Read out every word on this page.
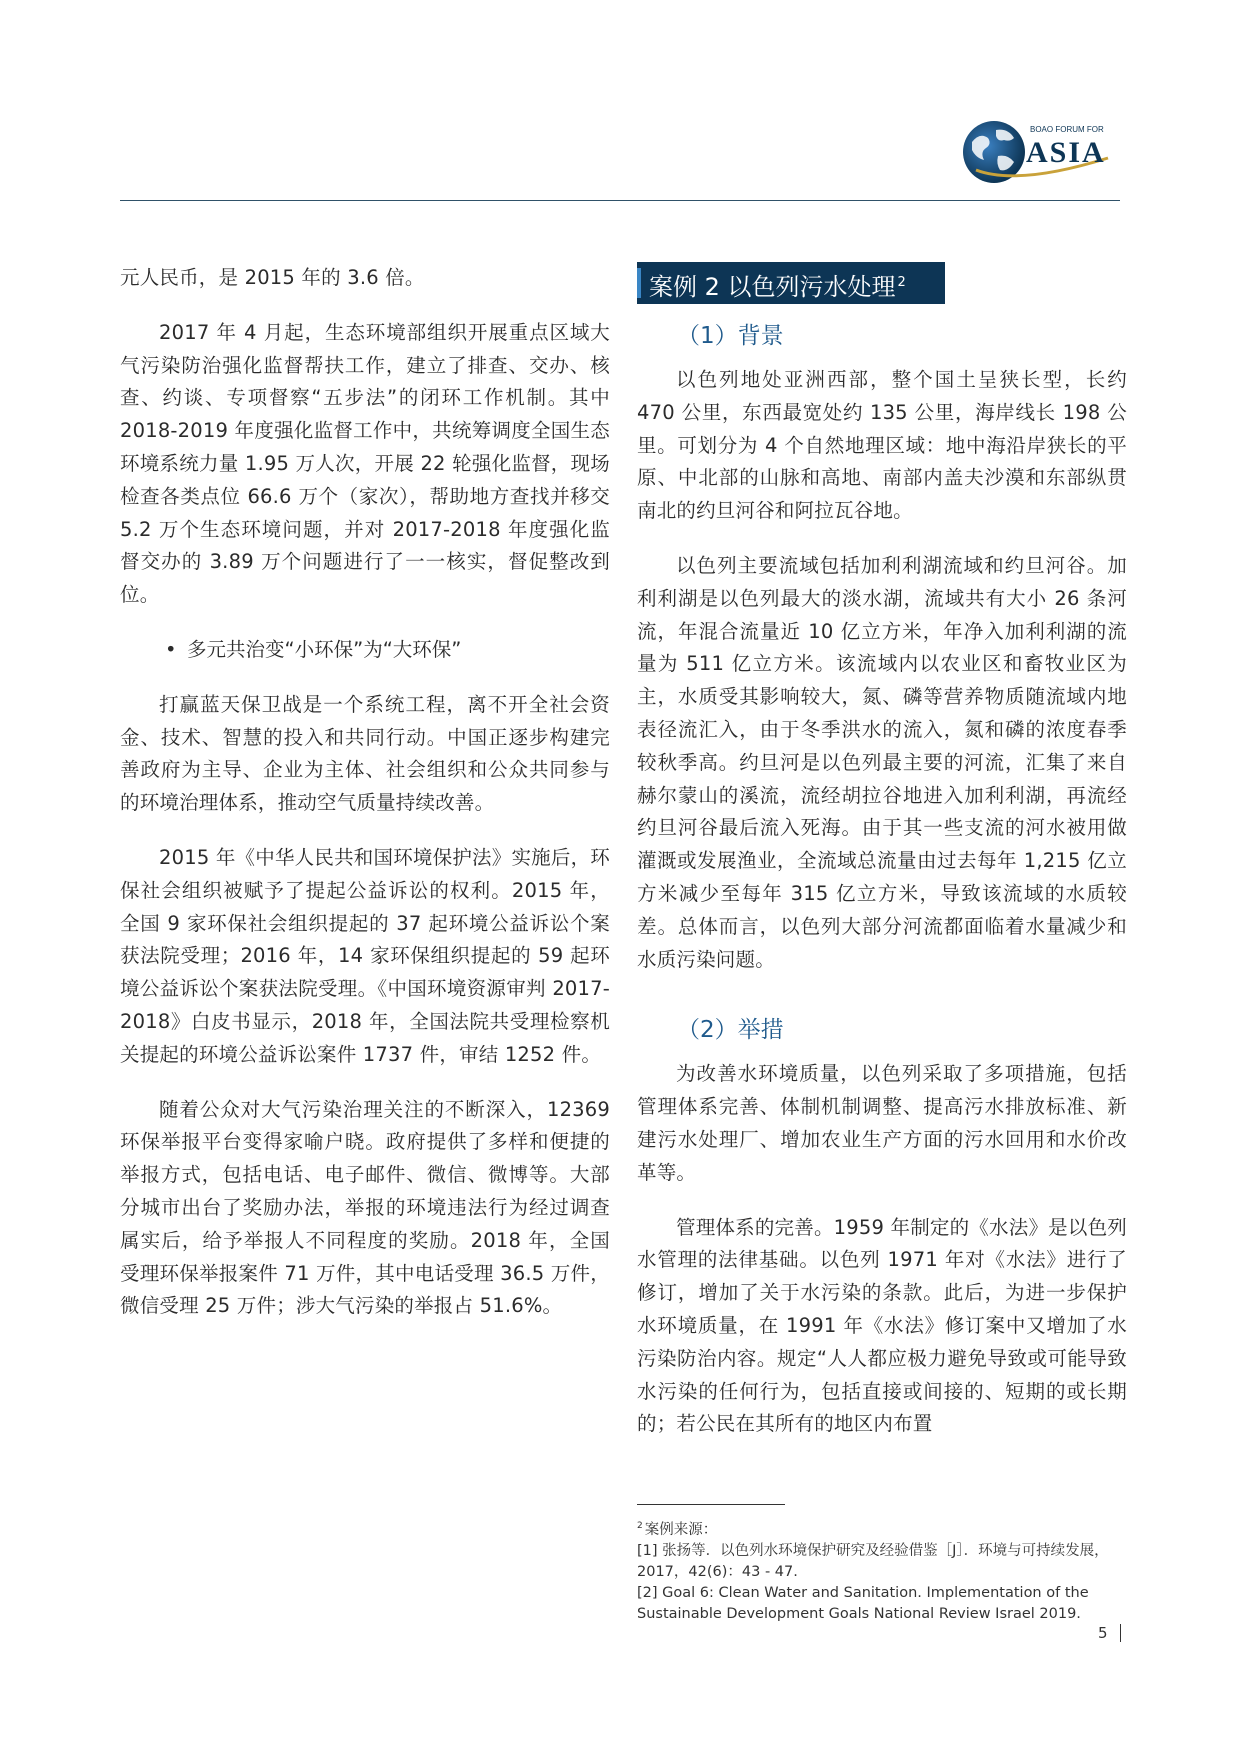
BOAO FORUM FOR
ASIA

元人民币，是 2015 年的 3.6 倍。

2017 年 4 月起，生态环境部组织开展重点区域大气污染防治强化监督帮扶工作，建立了排查、交办、核查、约谈、专项督察“五步法”的闭环工作机制。其中 2018-2019 年度强化监督工作中，共统筹调度全国生态环境系统力量 1.95 万人次，开展 22 轮强化监督，现场检查各类点位 66.6 万个（家次），帮助地方查找并移交 5.2 万个生态环境问题，并对 2017-2018 年度强化监督交办的 3.89 万个问题进行了一一核实，督促整改到位。

• 多元共治变“小环保”为“大环保”

打赢蓝天保卫战是一个系统工程，离不开全社会资金、技术、智慧的投入和共同行动。中国正逐步构建完善政府为主导、企业为主体、社会组织和公众共同参与的环境治理体系，推动空气质量持续改善。

2015 年《中华人民共和国环境保护法》实施后，环保社会组织被赋予了提起公益诉讼的权利。2015 年，全国 9 家环保社会组织提起的 37 起环境公益诉讼个案获法院受理；2016 年，14 家环保组织提起的 59 起环境公益诉讼个案获法院受理。《中国环境资源审判 2017-2018》白皮书显示，2018 年，全国法院共受理检察机关提起的环境公益诉讼案件 1737 件，审结 1252 件。

随着公众对大气污染治理关注的不断深入，12369 环保举报平台变得家喻户晓。政府提供了多样和便捷的举报方式，包括电话、电子邮件、微信、微博等。大部分城市出台了奖励办法，举报的环境违法行为经过调查属实后，给予举报人不同程度的奖励。2018 年，全国受理环保举报案件 71 万件，其中电话受理 36.5 万件，微信受理 25 万件；涉大气污染的举报占 51.6%。

案例 2 以色列污水处理 $^2$
（1）背景

以色列地处亚洲西部，整个国土呈狭长型，长约 470 公里，东西最宽处约 135 公里，海岸线长 198 公里。可划分为 4 个自然地理区域：地中海沿岸狭长的平原、中北部的山脉和高地、南部内盖夫沙漠和东部纵贯南北的约旦河谷和阿拉瓦谷地。

以色列主要流域包括加利利湖流域和约旦河谷。加利利湖是以色列最大的淡水湖，流域共有大小 26 条河流，年混合流量近 10 亿立方米，年净入加利利湖的流量为 511 亿立方米。该流域内以农业区和畜牧业区为主，水质受其影响较大，氮、磷等营养物质随流域内地表径流汇入，由于冬季洪水的流入，氮和磷的浓度春季较秋季高。约旦河是以色列最主要的河流，汇集了来自赫尔蒙山的溪流，流经胡拉谷地进入加利利湖，再流经约旦河谷最后流入死海。由于其一些支流的河水被用做灌溉或发展渔业，全流域总流量由过去每年 1,215 亿立方米减少至每年 315 亿立方米，导致该流域的水质较差。总体而言，以色列大部分河流都面临着水量减少和水质污染问题。

（2）举措

为改善水环境质量，以色列采取了多项措施，包括管理体系完善、体制机制调整、提高污水排放标准、新建污水处理厂、增加农业生产方面的污水回用和水价改革等。

管理体系的完善。1959 年制定的《水法》是以色列水管理的法律基础。以色列 1971 年对《水法》进行了修订，增加了关于水污染的条款。此后，为进一步保护水环境质量，在 1991 年《水法》修订案中又增加了水污染防治内容。规定“人人都应极力避免导致或可能导致水污染的任何行为，包括直接或间接的、短期的或长期的；若公民在其所有的地区内布置

$^2$ 案例来源：
[1] 张扬等．以色列水环境保护研究及经验借鉴［J］．环境与可持续发展，2017，42(6)：43 - 47.
[2] Goal 6: Clean Water and Sanitation. Implementation of the Sustainable Development Goals National Review Israel 2019.
5
